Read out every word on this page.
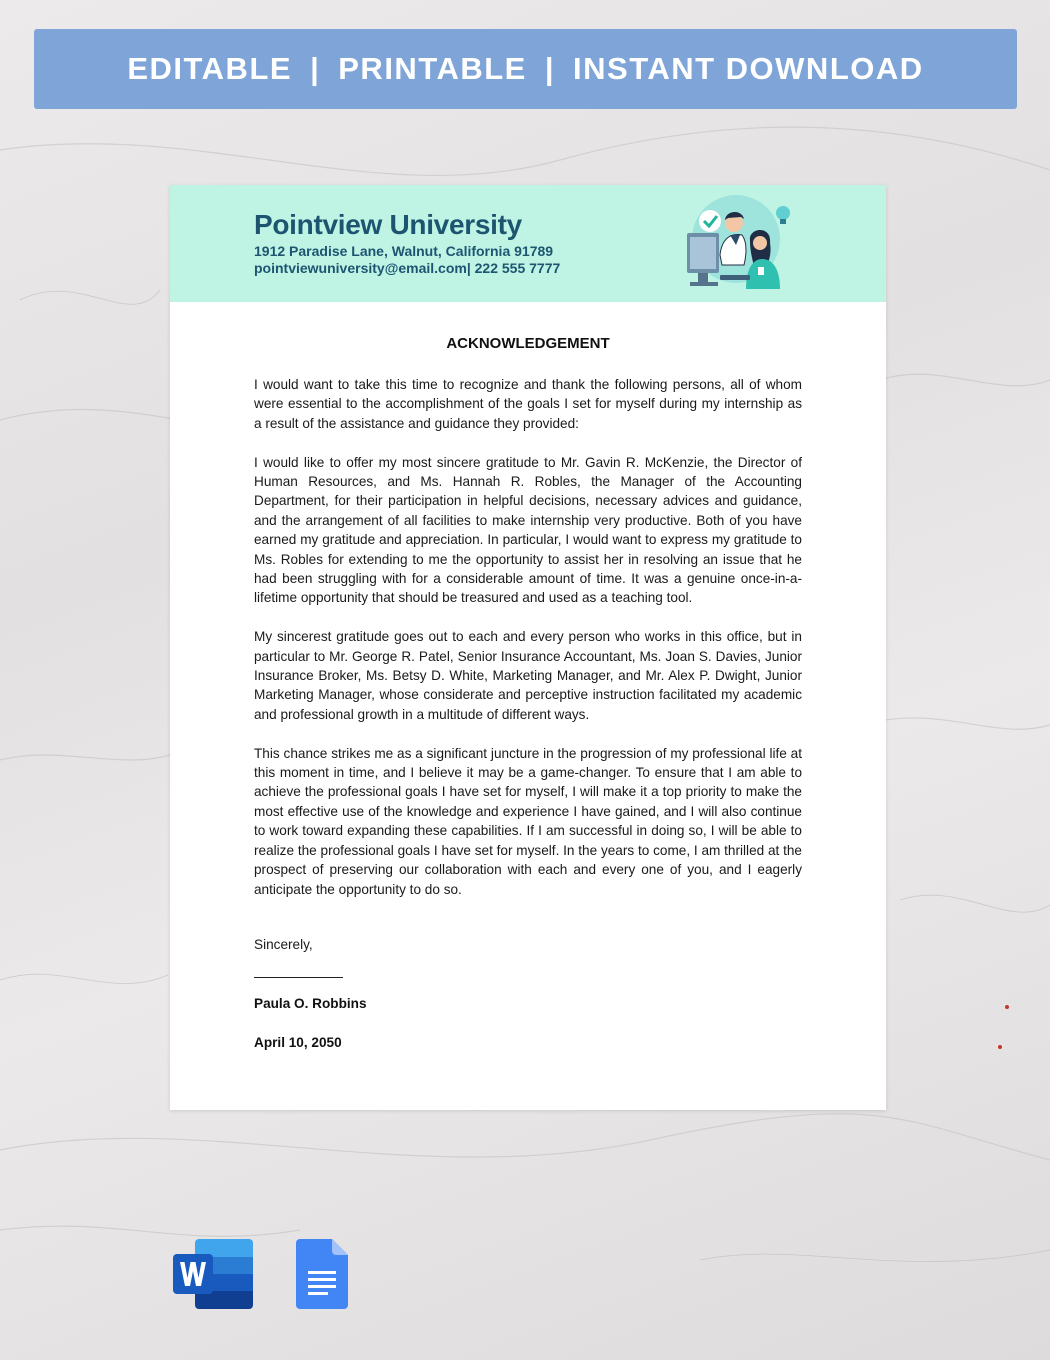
EDITABLE | PRINTABLE | INSTANT DOWNLOAD
Pointview University
1912 Paradise Lane, Walnut, California 91789
pointviewuniversity@email.com| 222 555 7777
ACKNOWLEDGEMENT

I would want to take this time to recognize and thank the following persons, all of whom were essential to the accomplishment of the goals I set for myself during my internship as a result of the assistance and guidance they provided:

I would like to offer my most sincere gratitude to Mr. Gavin R. McKenzie, the Director of Human Resources, and Ms. Hannah R. Robles, the Manager of the Accounting Department, for their participation in helpful decisions, necessary advices and guidance, and the arrangement of all facilities to make internship very productive. Both of you have earned my gratitude and appreciation. In particular, I would want to express my gratitude to Ms. Robles for extending to me the opportunity to assist her in resolving an issue that he had been struggling with for a considerable amount of time. It was a genuine once-in-a-lifetime opportunity that should be treasured and used as a teaching tool.

My sincerest gratitude goes out to each and every person who works in this office, but in particular to Mr. George R. Patel, Senior Insurance Accountant, Ms. Joan S. Davies, Junior Insurance Broker, Ms. Betsy D. White, Marketing Manager, and Mr. Alex P. Dwight, Junior Marketing Manager, whose considerate and perceptive instruction facilitated my academic and professional growth in a multitude of different ways.

This chance strikes me as a significant juncture in the progression of my professional life at this moment in time, and I believe it may be a game-changer. To ensure that I am able to achieve the professional goals I have set for myself, I will make it a top priority to make the most effective use of the knowledge and experience I have gained, and I will also continue to work toward expanding these capabilities. If I am successful in doing so, I will be able to realize the professional goals I have set for myself. In the years to come, I am thrilled at the prospect of preserving our collaboration with each and every one of you, and I eagerly anticipate the opportunity to do so.

Sincerely,
Paula O. Robbins
April 10, 2050
